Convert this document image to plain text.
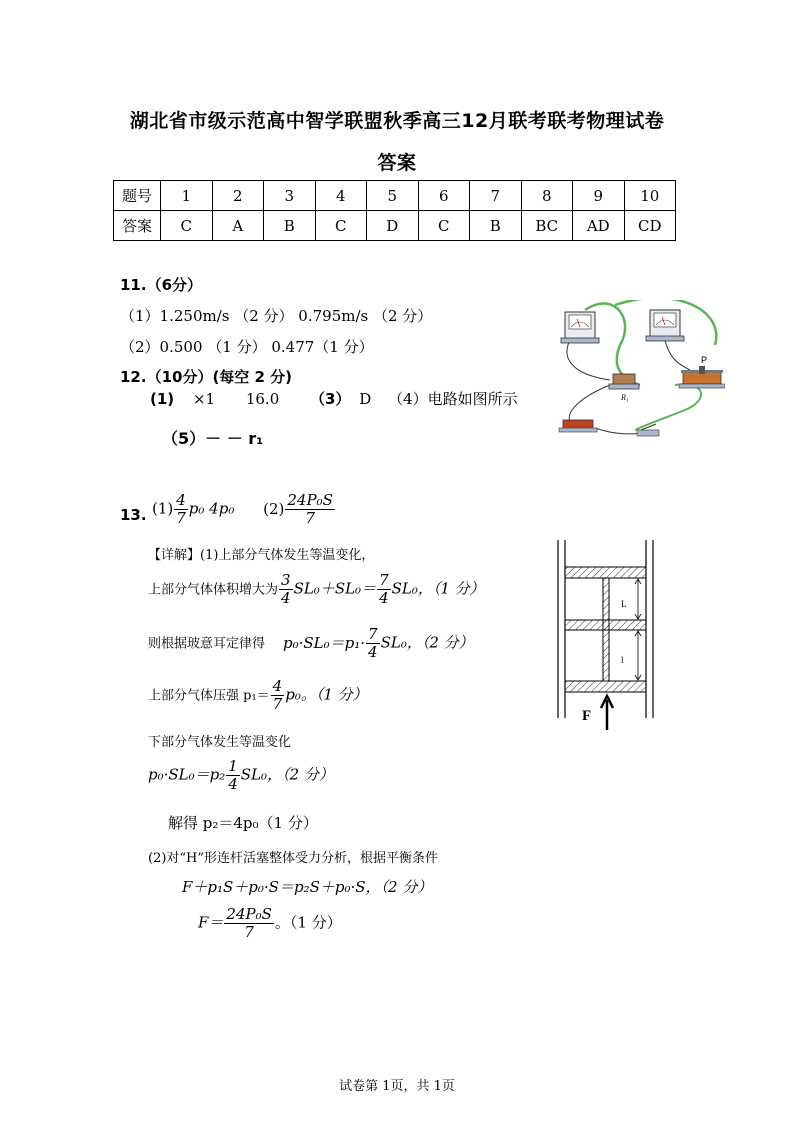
湖北省市级示范高中智学联盟秋季高三12月联考联考物理试卷
答案
题号	1	2	3	4	5	6	7	8	9	10
答案	C	A	B	C	D	C	B	BC	AD	CD
11.（6分）
（1）1.250m/s （2 分） 0.795m/s （2 分）
（2）0.500 （1 分） 0.477（1 分）
12.（10分）(每空 2 分)
(1) ×1 16.0 （3） D （4）电路如图所示
（5）－ － r₁
R₁
P
13. $(1) \frac{4}{7} p_0$ 4p₀ $(2) \frac{\text{24P₀S}}{7}$
【详解】(1)上部分气体发生等温变化，
上部分气体体积增大为 $\frac{3}{4} SL_0+SL_0= \frac{7}{4} SL_0$，（1 分）
则根据玻意耳定律得 $p_0\cdot SL_0=p_1\cdot \frac{7}{4} SL_0$，（2 分）
上部分气体压强 $p_1= \frac{4}{7} p_0$。（1 分）
下部分气体发生等温变化
$p_0\cdot SL_0=p_2 \frac{1}{4} SL_0$，（2 分）
解得 p₂＝4p₀（1 分）
(2)对“H”形连杆活塞整体受力分析，根据平衡条件
F＋p₁S＋p₀·S＝p₂S＋p₀·S，（2 分）
$F= \frac{\text{24P₀S}}{7}$ 。（1 分）
L
l
F
试卷第 1页，共 1页
